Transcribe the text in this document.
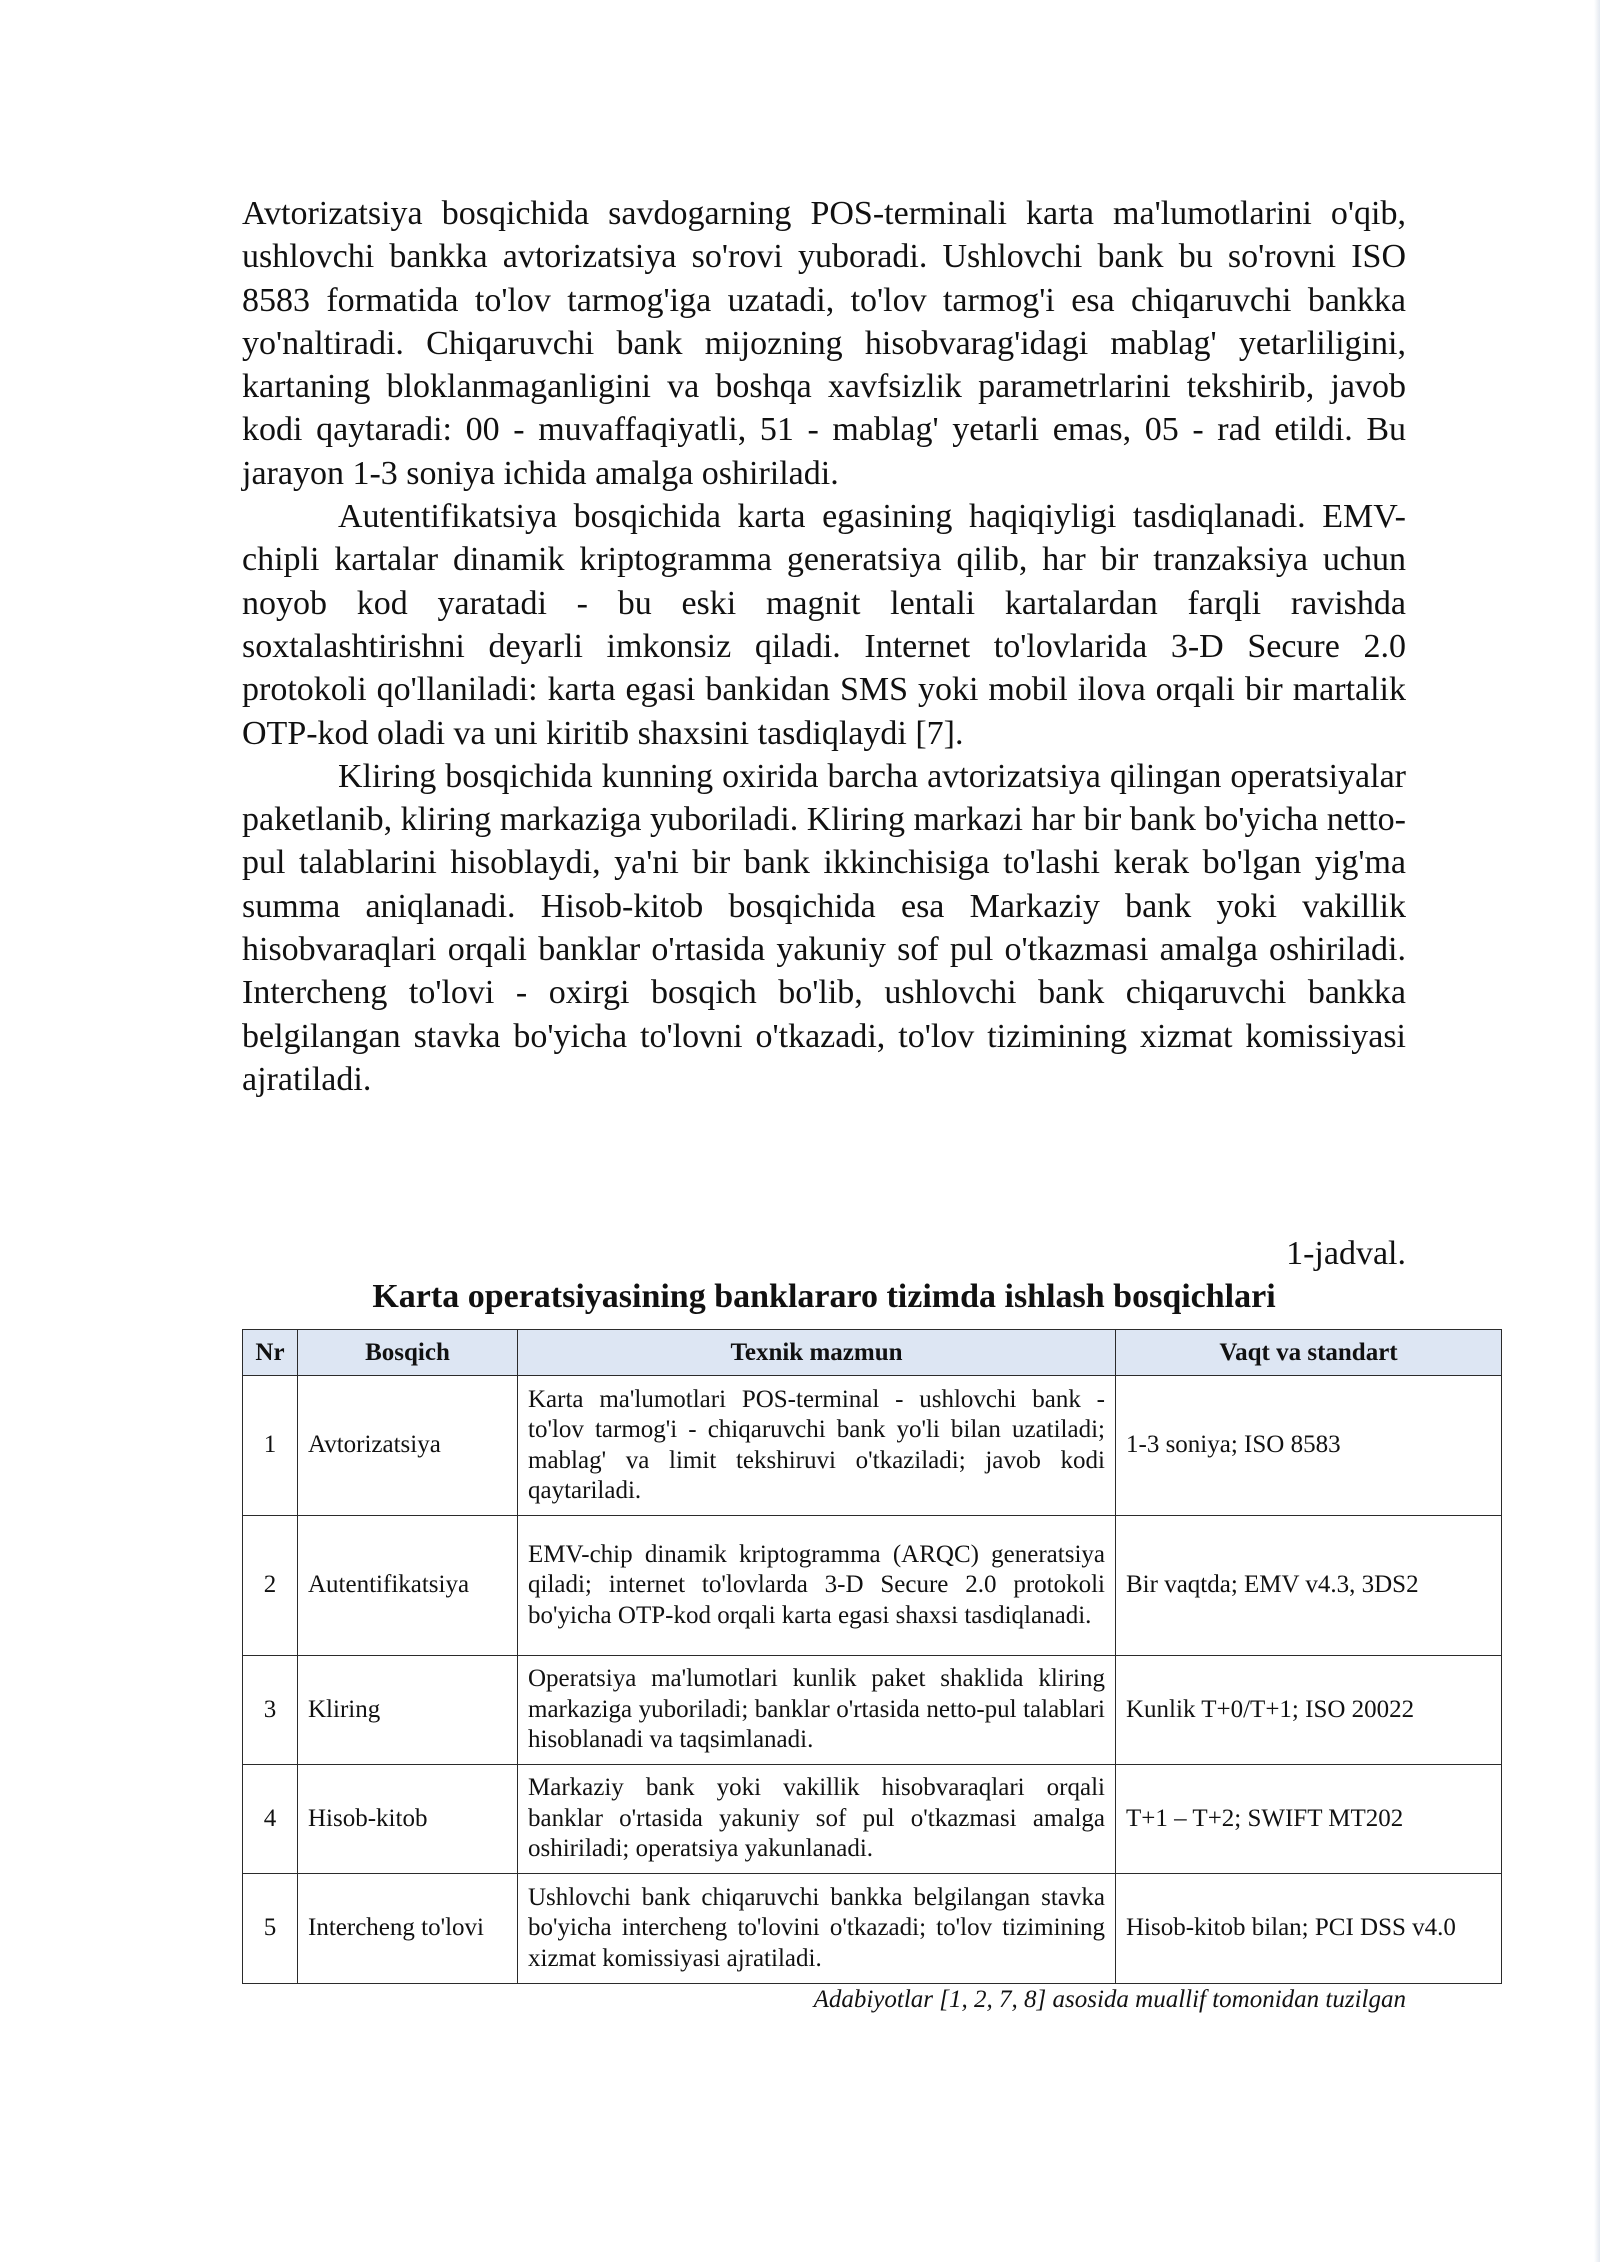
Avtorizatsiya bosqichida savdogarning POS-terminali karta ma'lumotlarini o'qib, ushlovchi bankka avtorizatsiya so'rovi yuboradi. Ushlovchi bank bu so'rovni ISO 8583 formatida to'lov tarmog'iga uzatadi, to'lov tarmog'i esa chiqaruvchi bankka yo'naltiradi. Chiqaruvchi bank mijozning hisobvarag'idagi mablag' yetarliligini, kartaning bloklanmaganligini va boshqa xavfsizlik parametrlarini tekshirib, javob kodi qaytaradi: 00 - muvaffaqiyatli, 51 - mablag' yetarli emas, 05 - rad etildi. Bu jarayon 1-3 soniya ichida amalga oshiriladi.

Autentifikatsiya bosqichida karta egasining haqiqiyligi tasdiqlanadi. EMV-chipli kartalar dinamik kriptogramma generatsiya qilib, har bir tranzaksiya uchun noyob kod yaratadi - bu eski magnit lentali kartalardan farqli ravishda soxtalashtirishni deyarli imkonsiz qiladi. Internet to'lovlarida 3-D Secure 2.0 protokoli qo'llaniladi: karta egasi bankidan SMS yoki mobil ilova orqali bir martalik OTP-kod oladi va uni kiritib shaxsini tasdiqlaydi [7].

Kliring bosqichida kunning oxirida barcha avtorizatsiya qilingan operatsiyalar paketlanib, kliring markaziga yuboriladi. Kliring markazi har bir bank bo'yicha netto-pul talablarini hisoblaydi, ya'ni bir bank ikkinchisiga to'lashi kerak bo'lgan yig'ma summa aniqlanadi. Hisob-kitob bosqichida esa Markaziy bank yoki vakillik hisobvaraqlari orqali banklar o'rtasida yakuniy sof pul o'tkazmasi amalga oshiriladi. Intercheng to'lovi - oxirgi bosqich bo'lib, ushlovchi bank chiqaruvchi bankka belgilangan stavka bo'yicha to'lovni o'tkazadi, to'lov tizimining xizmat komissiyasi ajratiladi.

1-jadval.
Karta operatsiyasining banklararo tizimda ishlash bosqichlari
Nr	Bosqich	Texnik mazmun	Vaqt va standart
1	Avtorizatsiya	Karta ma'lumotlari POS-terminal - ushlovchi bank - to'lov tarmog'i - chiqaruvchi bank yo'li bilan uzatiladi; mablag' va limit tekshiruvi o'tkaziladi; javob kodi qaytariladi.	1-3 soniya; ISO 8583
2	Autentifikatsiya	EMV-chip dinamik kriptogramma (ARQC) generatsiya qiladi; internet to'lovlarda 3-D Secure 2.0 protokoli bo'yicha OTP-kod orqali karta egasi shaxsi tasdiqlanadi.	Bir vaqtda; EMV v4.3, 3DS2
3	Kliring	Operatsiya ma'lumotlari kunlik paket shaklida kliring markaziga yuboriladi; banklar o'rtasida netto-pul talablari hisoblanadi va taqsimlanadi.	Kunlik T+0/T+1; ISO 20022
4	Hisob-kitob	Markaziy bank yoki vakillik hisobvaraqlari orqali banklar o'rtasida yakuniy sof pul o'tkazmasi amalga oshiriladi; operatsiya yakunlanadi.	T+1 – T+2; SWIFT MT202
5	Intercheng to'lovi	Ushlovchi bank chiqaruvchi bankka belgilangan stavka bo'yicha intercheng to'lovini o'tkazadi; to'lov tizimining xizmat komissiyasi ajratiladi.	Hisob-kitob bilan; PCI DSS v4.0
Adabiyotlar [1, 2, 7, 8] asosida muallif tomonidan tuzilgan
